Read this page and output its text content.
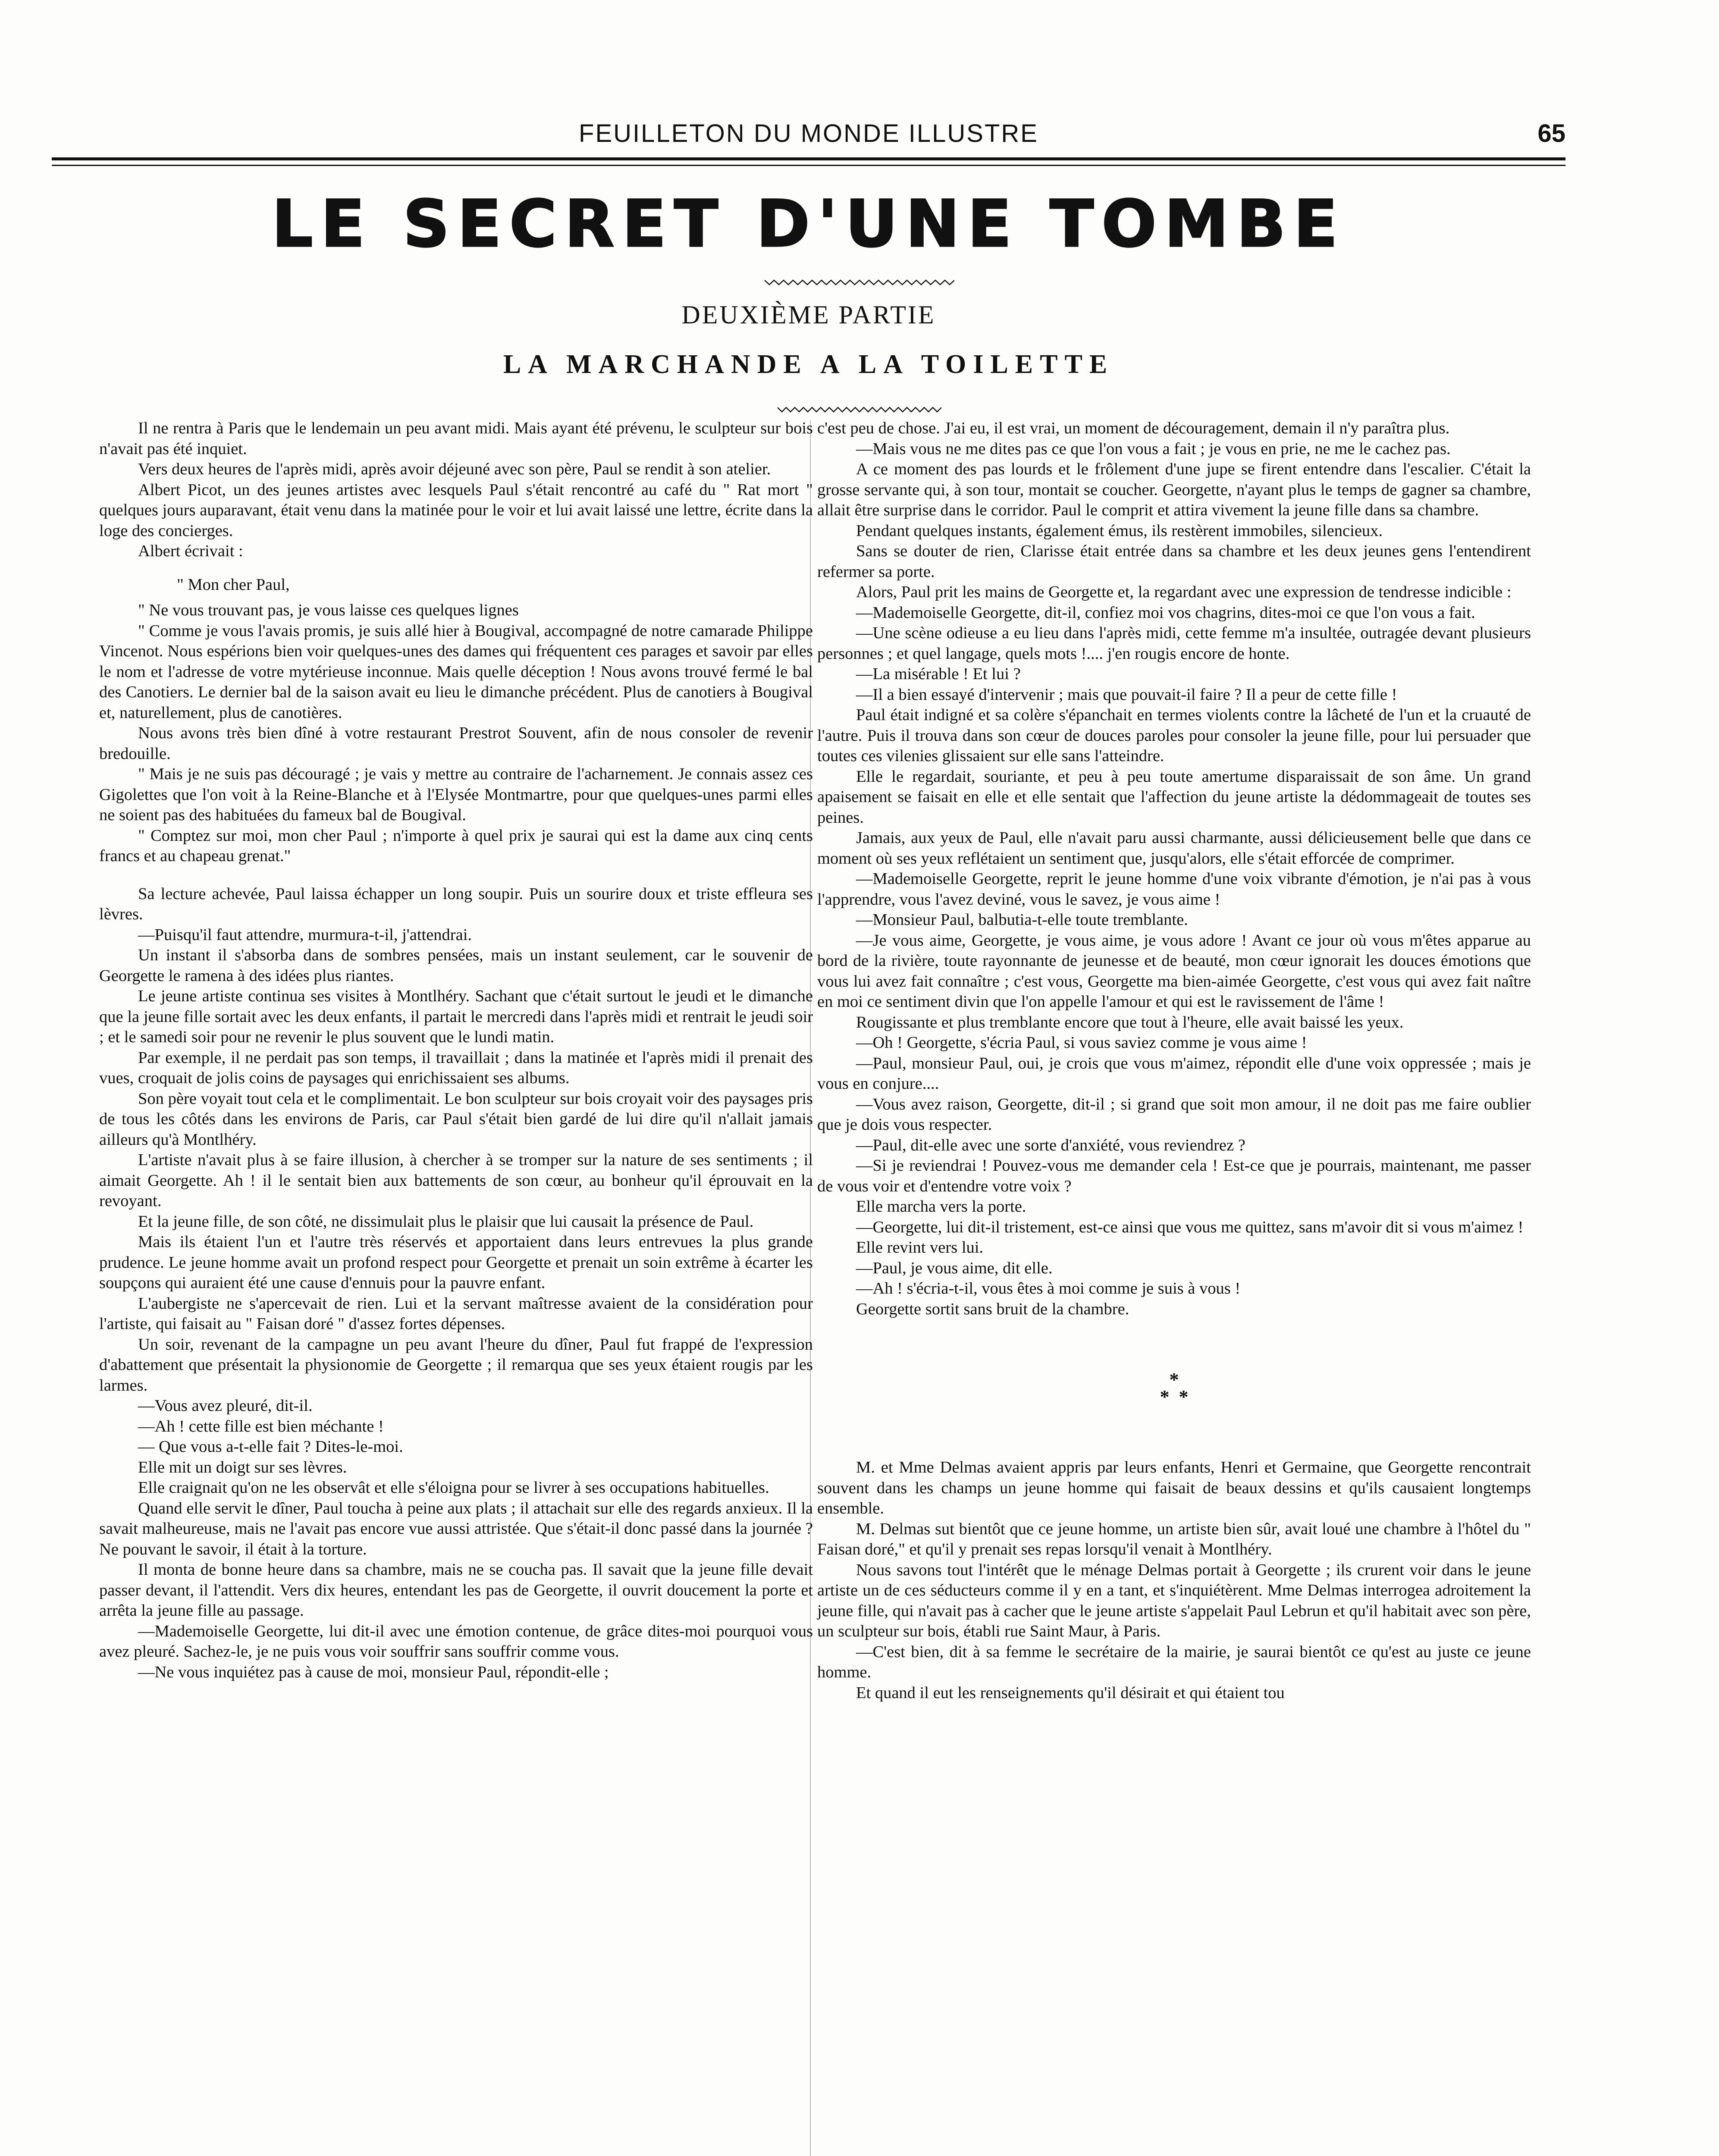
FEUILLETON DU MONDE ILLUSTRE	65
LE SECRET D'UNE TOMBE
DEUXIÈME PARTIE
LA MARCHANDE A LA TOILETTE

Il ne rentra à Paris que le lendemain un peu avant midi. Mais ayant été prévenu, le sculpteur sur bois n'avait pas été inquiet.

Vers deux heures de l'après midi, après avoir déjeuné avec son père, Paul se rendit à son atelier.

Albert Picot, un des jeunes artistes avec lesquels Paul s'était rencontré au café du " Rat mort " quelques jours auparavant, était venu dans la matinée pour le voir et lui avait laissé une lettre, écrite dans la loge des concierges.

Albert écrivait :

" Mon cher Paul,

" Ne vous trouvant pas, je vous laisse ces quelques lignes

" Comme je vous l'avais promis, je suis allé hier à Bougival, accompagné de notre camarade Philippe Vincenot. Nous espérions bien voir quelques-unes des dames qui fréquentent ces parages et savoir par elles le nom et l'adresse de votre mytérieuse inconnue. Mais quelle déception ! Nous avons trouvé fermé le bal des Canotiers. Le dernier bal de la saison avait eu lieu le dimanche précédent. Plus de canotiers à Bougival et, naturellement, plus de canotières.

Nous avons très bien dîné à votre restaurant Prestrot Souvent, afin de nous consoler de revenir bredouille.

" Mais je ne suis pas découragé ; je vais y mettre au contraire de l'acharnement. Je connais assez ces Gigolettes que l'on voit à la Reine-Blanche et à l'Elysée Montmartre, pour que quelques-unes parmi elles ne soient pas des habituées du fameux bal de Bougival.

" Comptez sur moi, mon cher Paul ; n'importe à quel prix je saurai qui est la dame aux cinq cents francs et au chapeau grenat."

Sa lecture achevée, Paul laissa échapper un long soupir. Puis un sourire doux et triste effleura ses lèvres.

—Puisqu'il faut attendre, murmura-t-il, j'attendrai.

Un instant il s'absorba dans de sombres pensées, mais un instant seulement, car le souvenir de Georgette le ramena à des idées plus riantes.

Le jeune artiste continua ses visites à Montlhéry. Sachant que c'était surtout le jeudi et le dimanche que la jeune fille sortait avec les deux enfants, il partait le mercredi dans l'après midi et rentrait le jeudi soir ; et le samedi soir pour ne revenir le plus souvent que le lundi matin.

Par exemple, il ne perdait pas son temps, il travaillait ; dans la matinée et l'après midi il prenait des vues, croquait de jolis coins de paysages qui enrichissaient ses albums.

Son père voyait tout cela et le complimentait. Le bon sculpteur sur bois croyait voir des paysages pris de tous les côtés dans les environs de Paris, car Paul s'était bien gardé de lui dire qu'il n'allait jamais ailleurs qu'à Montlhéry.

L'artiste n'avait plus à se faire illusion, à chercher à se tromper sur la nature de ses sentiments ; il aimait Georgette. Ah ! il le sentait bien aux battements de son cœur, au bonheur qu'il éprouvait en la revoyant.

Et la jeune fille, de son côté, ne dissimulait plus le plaisir que lui causait la présence de Paul.

Mais ils étaient l'un et l'autre très réservés et apportaient dans leurs entrevues la plus grande prudence. Le jeune homme avait un profond respect pour Georgette et prenait un soin extrême à écarter les soupçons qui auraient été une cause d'ennuis pour la pauvre enfant.

L'aubergiste ne s'apercevait de rien. Lui et la servant maîtresse avaient de la considération pour l'artiste, qui faisait au " Faisan doré " d'assez fortes dépenses.

Un soir, revenant de la campagne un peu avant l'heure du dîner, Paul fut frappé de l'expression d'abattement que présentait la physionomie de Georgette ; il remarqua que ses yeux étaient rougis par les larmes.

—Vous avez pleuré, dit-il.

—Ah ! cette fille est bien méchante !

— Que vous a-t-elle fait ? Dites-le-moi.

Elle mit un doigt sur ses lèvres.

Elle craignait qu'on ne les observât et elle s'éloigna pour se livrer à ses occupations habituelles.

Quand elle servit le dîner, Paul toucha à peine aux plats ; il attachait sur elle des regards anxieux. Il la savait malheureuse, mais ne l'avait pas encore vue aussi attristée. Que s'était-il donc passé dans la journée ? Ne pouvant le savoir, il était à la torture.

Il monta de bonne heure dans sa chambre, mais ne se coucha pas. Il savait que la jeune fille devait passer devant, il l'attendit. Vers dix heures, entendant les pas de Georgette, il ouvrit doucement la porte et arrêta la jeune fille au passage.

—Mademoiselle Georgette, lui dit-il avec une émotion contenue, de grâce dites-moi pourquoi vous avez pleuré. Sachez-le, je ne puis vous voir souffrir sans souffrir comme vous.

—Ne vous inquiétez pas à cause de moi, monsieur Paul, répondit-elle ;

c'est peu de chose. J'ai eu, il est vrai, un moment de découragement, demain il n'y paraîtra plus.

—Mais vous ne me dites pas ce que l'on vous a fait ; je vous en prie, ne me le cachez pas.

A ce moment des pas lourds et le frôlement d'une jupe se firent entendre dans l'escalier. C'était la grosse servante qui, à son tour, montait se coucher. Georgette, n'ayant plus le temps de gagner sa chambre, allait être surprise dans le corridor. Paul le comprit et attira vivement la jeune fille dans sa chambre.

Pendant quelques instants, également émus, ils restèrent immobiles, silencieux.

Sans se douter de rien, Clarisse était entrée dans sa chambre et les deux jeunes gens l'entendirent refermer sa porte.

Alors, Paul prit les mains de Georgette et, la regardant avec une expression de tendresse indicible :

—Mademoiselle Georgette, dit-il, confiez moi vos chagrins, dites-moi ce que l'on vous a fait.

—Une scène odieuse a eu lieu dans l'après midi, cette femme m'a insultée, outragée devant plusieurs personnes ; et quel langage, quels mots !.... j'en rougis encore de honte.

—La misérable ! Et lui ?

—Il a bien essayé d'intervenir ; mais que pouvait-il faire ? Il a peur de cette fille !

Paul était indigné et sa colère s'épanchait en termes violents contre la lâcheté de l'un et la cruauté de l'autre. Puis il trouva dans son cœur de douces paroles pour consoler la jeune fille, pour lui persuader que toutes ces vilenies glissaient sur elle sans l'atteindre.

Elle le regardait, souriante, et peu à peu toute amertume disparaissait de son âme. Un grand apaisement se faisait en elle et elle sentait que l'affection du jeune artiste la dédommageait de toutes ses peines.

Jamais, aux yeux de Paul, elle n'avait paru aussi charmante, aussi délicieusement belle que dans ce moment où ses yeux reflétaient un sentiment que, jusqu'alors, elle s'était efforcée de comprimer.

—Mademoiselle Georgette, reprit le jeune homme d'une voix vibrante d'émotion, je n'ai pas à vous l'apprendre, vous l'avez deviné, vous le savez, je vous aime !

—Monsieur Paul, balbutia-t-elle toute tremblante.

—Je vous aime, Georgette, je vous aime, je vous adore ! Avant ce jour où vous m'êtes apparue au bord de la rivière, toute rayonnante de jeunesse et de beauté, mon cœur ignorait les douces émotions que vous lui avez fait connaître ; c'est vous, Georgette ma bien-aimée Georgette, c'est vous qui avez fait naître en moi ce sentiment divin que l'on appelle l'amour et qui est le ravissement de l'âme !

Rougissante et plus tremblante encore que tout à l'heure, elle avait baissé les yeux.

—Oh ! Georgette, s'écria Paul, si vous saviez comme je vous aime !

—Paul, monsieur Paul, oui, je crois que vous m'aimez, répondit elle d'une voix oppressée ; mais je vous en conjure....

—Vous avez raison, Georgette, dit-il ; si grand que soit mon amour, il ne doit pas me faire oublier que je dois vous respecter.

—Paul, dit-elle avec une sorte d'anxiété, vous reviendrez ?

—Si je reviendrai ! Pouvez-vous me demander cela ! Est-ce que je pourrais, maintenant, me passer de vous voir et d'entendre votre voix ?

Elle marcha vers la porte.

—Georgette, lui dit-il tristement, est-ce ainsi que vous me quittez, sans m'avoir dit si vous m'aimez !

Elle revint vers lui.

—Paul, je vous aime, dit elle.

—Ah ! s'écria-t-il, vous êtes à moi comme je suis à vous !

Georgette sortit sans bruit de la chambre.

*
* *

M. et Mme Delmas avaient appris par leurs enfants, Henri et Germaine, que Georgette rencontrait souvent dans les champs un jeune homme qui faisait de beaux dessins et qu'ils causaient longtemps ensemble.

M. Delmas sut bientôt que ce jeune homme, un artiste bien sûr, avait loué une chambre à l'hôtel du " Faisan doré," et qu'il y prenait ses repas lorsqu'il venait à Montlhéry.

Nous savons tout l'intérêt que le ménage Delmas portait à Georgette ; ils crurent voir dans le jeune artiste un de ces séducteurs comme il y en a tant, et s'inquiétèrent. Mme Delmas interrogea adroitement la jeune fille, qui n'avait pas à cacher que le jeune artiste s'appelait Paul Lebrun et qu'il habitait avec son père, un sculpteur sur bois, établi rue Saint Maur, à Paris.

—C'est bien, dit à sa femme le secrétaire de la mairie, je saurai bientôt ce qu'est au juste ce jeune homme.

Et quand il eut les renseignements qu'il désirait et qui étaient tou
